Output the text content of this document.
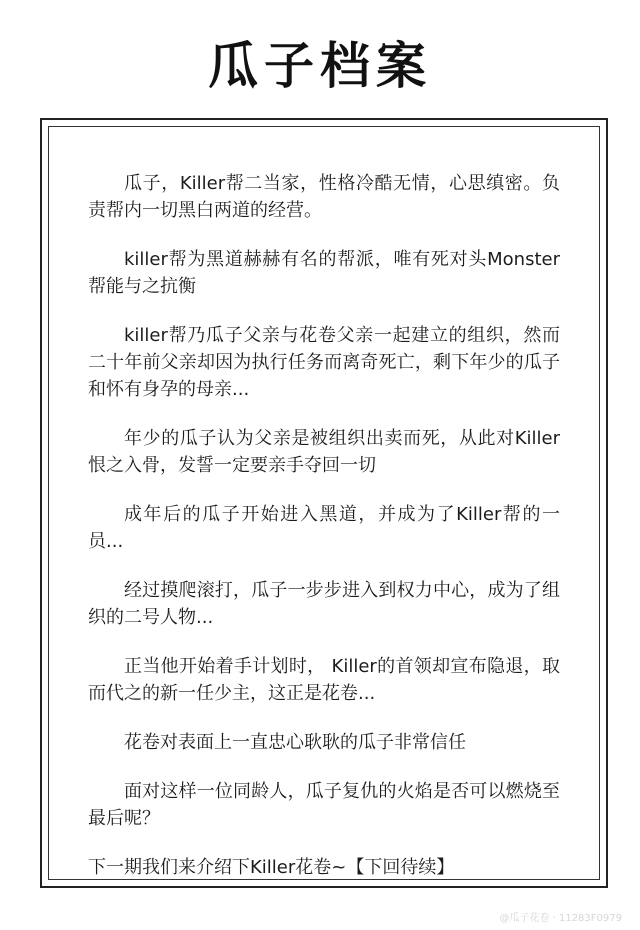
瓜子档案

瓜子，Killer帮二当家，性格冷酷无情，心思缜密。负责帮内一切黑白两道的经营。

killer帮为黑道赫赫有名的帮派，唯有死对头Monster帮能与之抗衡

killer帮乃瓜子父亲与花卷父亲一起建立的组织，然而二十年前父亲却因为执行任务而离奇死亡，剩下年少的瓜子和怀有身孕的母亲...

年少的瓜子认为父亲是被组织出卖而死，从此对Killer恨之入骨，发誓一定要亲手夺回一切

成年后的瓜子开始进入黑道，并成为了Killer帮的一员...

经过摸爬滚打，瓜子一步步进入到权力中心，成为了组织的二号人物...

正当他开始着手计划时， Killer的首领却宣布隐退，取而代之的新一任少主，这正是花卷...

花卷对表面上一直忠心耿耿的瓜子非常信任

面对这样一位同龄人，瓜子复仇的火焰是否可以燃烧至最后呢？

下一期我们来介绍下Killer花卷~【下回待续】

@瓜子花卷 · 11283F0979
